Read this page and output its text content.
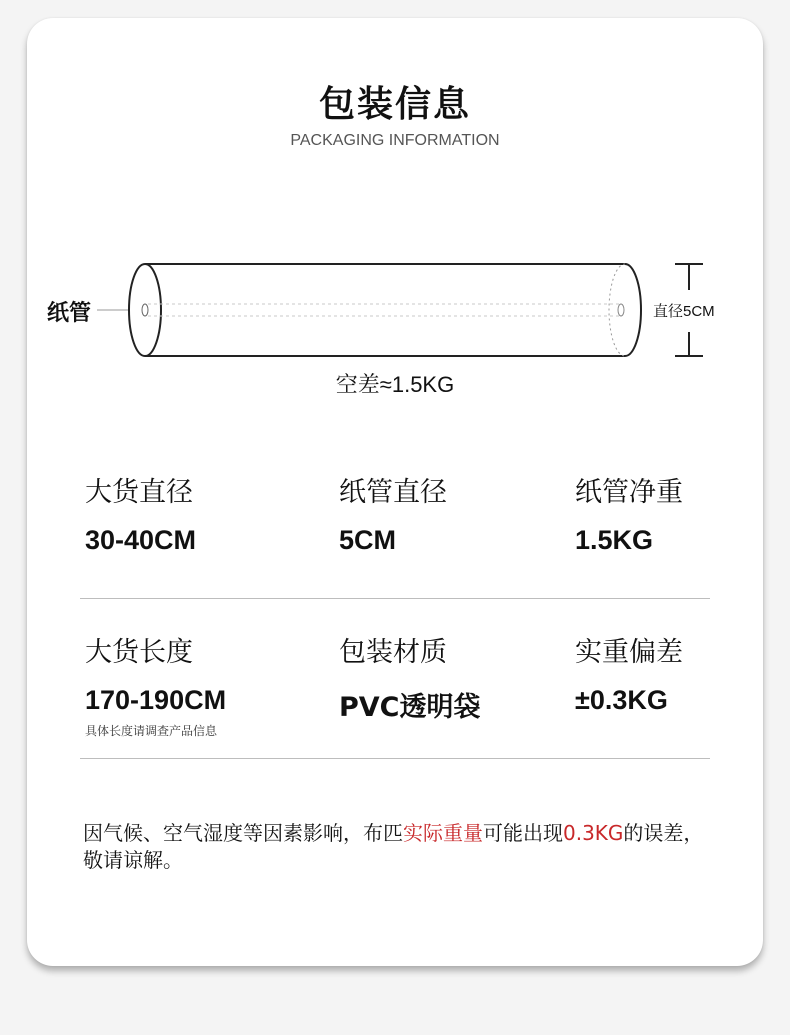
包装信息
PACKAGING INFORMATION
纸管	直径5CM
空差≈1.5KG
大货直径
30-40CM
纸管直径
5CM
纸管净重
1.5KG
大货长度
170-190CM
具体长度请调查产品信息
包装材质
PVC透明袋
实重偏差
±0.3KG
因气候、空气湿度等因素影响，布匹实际重量可能出现0.3KG的误差，敬请谅解。
